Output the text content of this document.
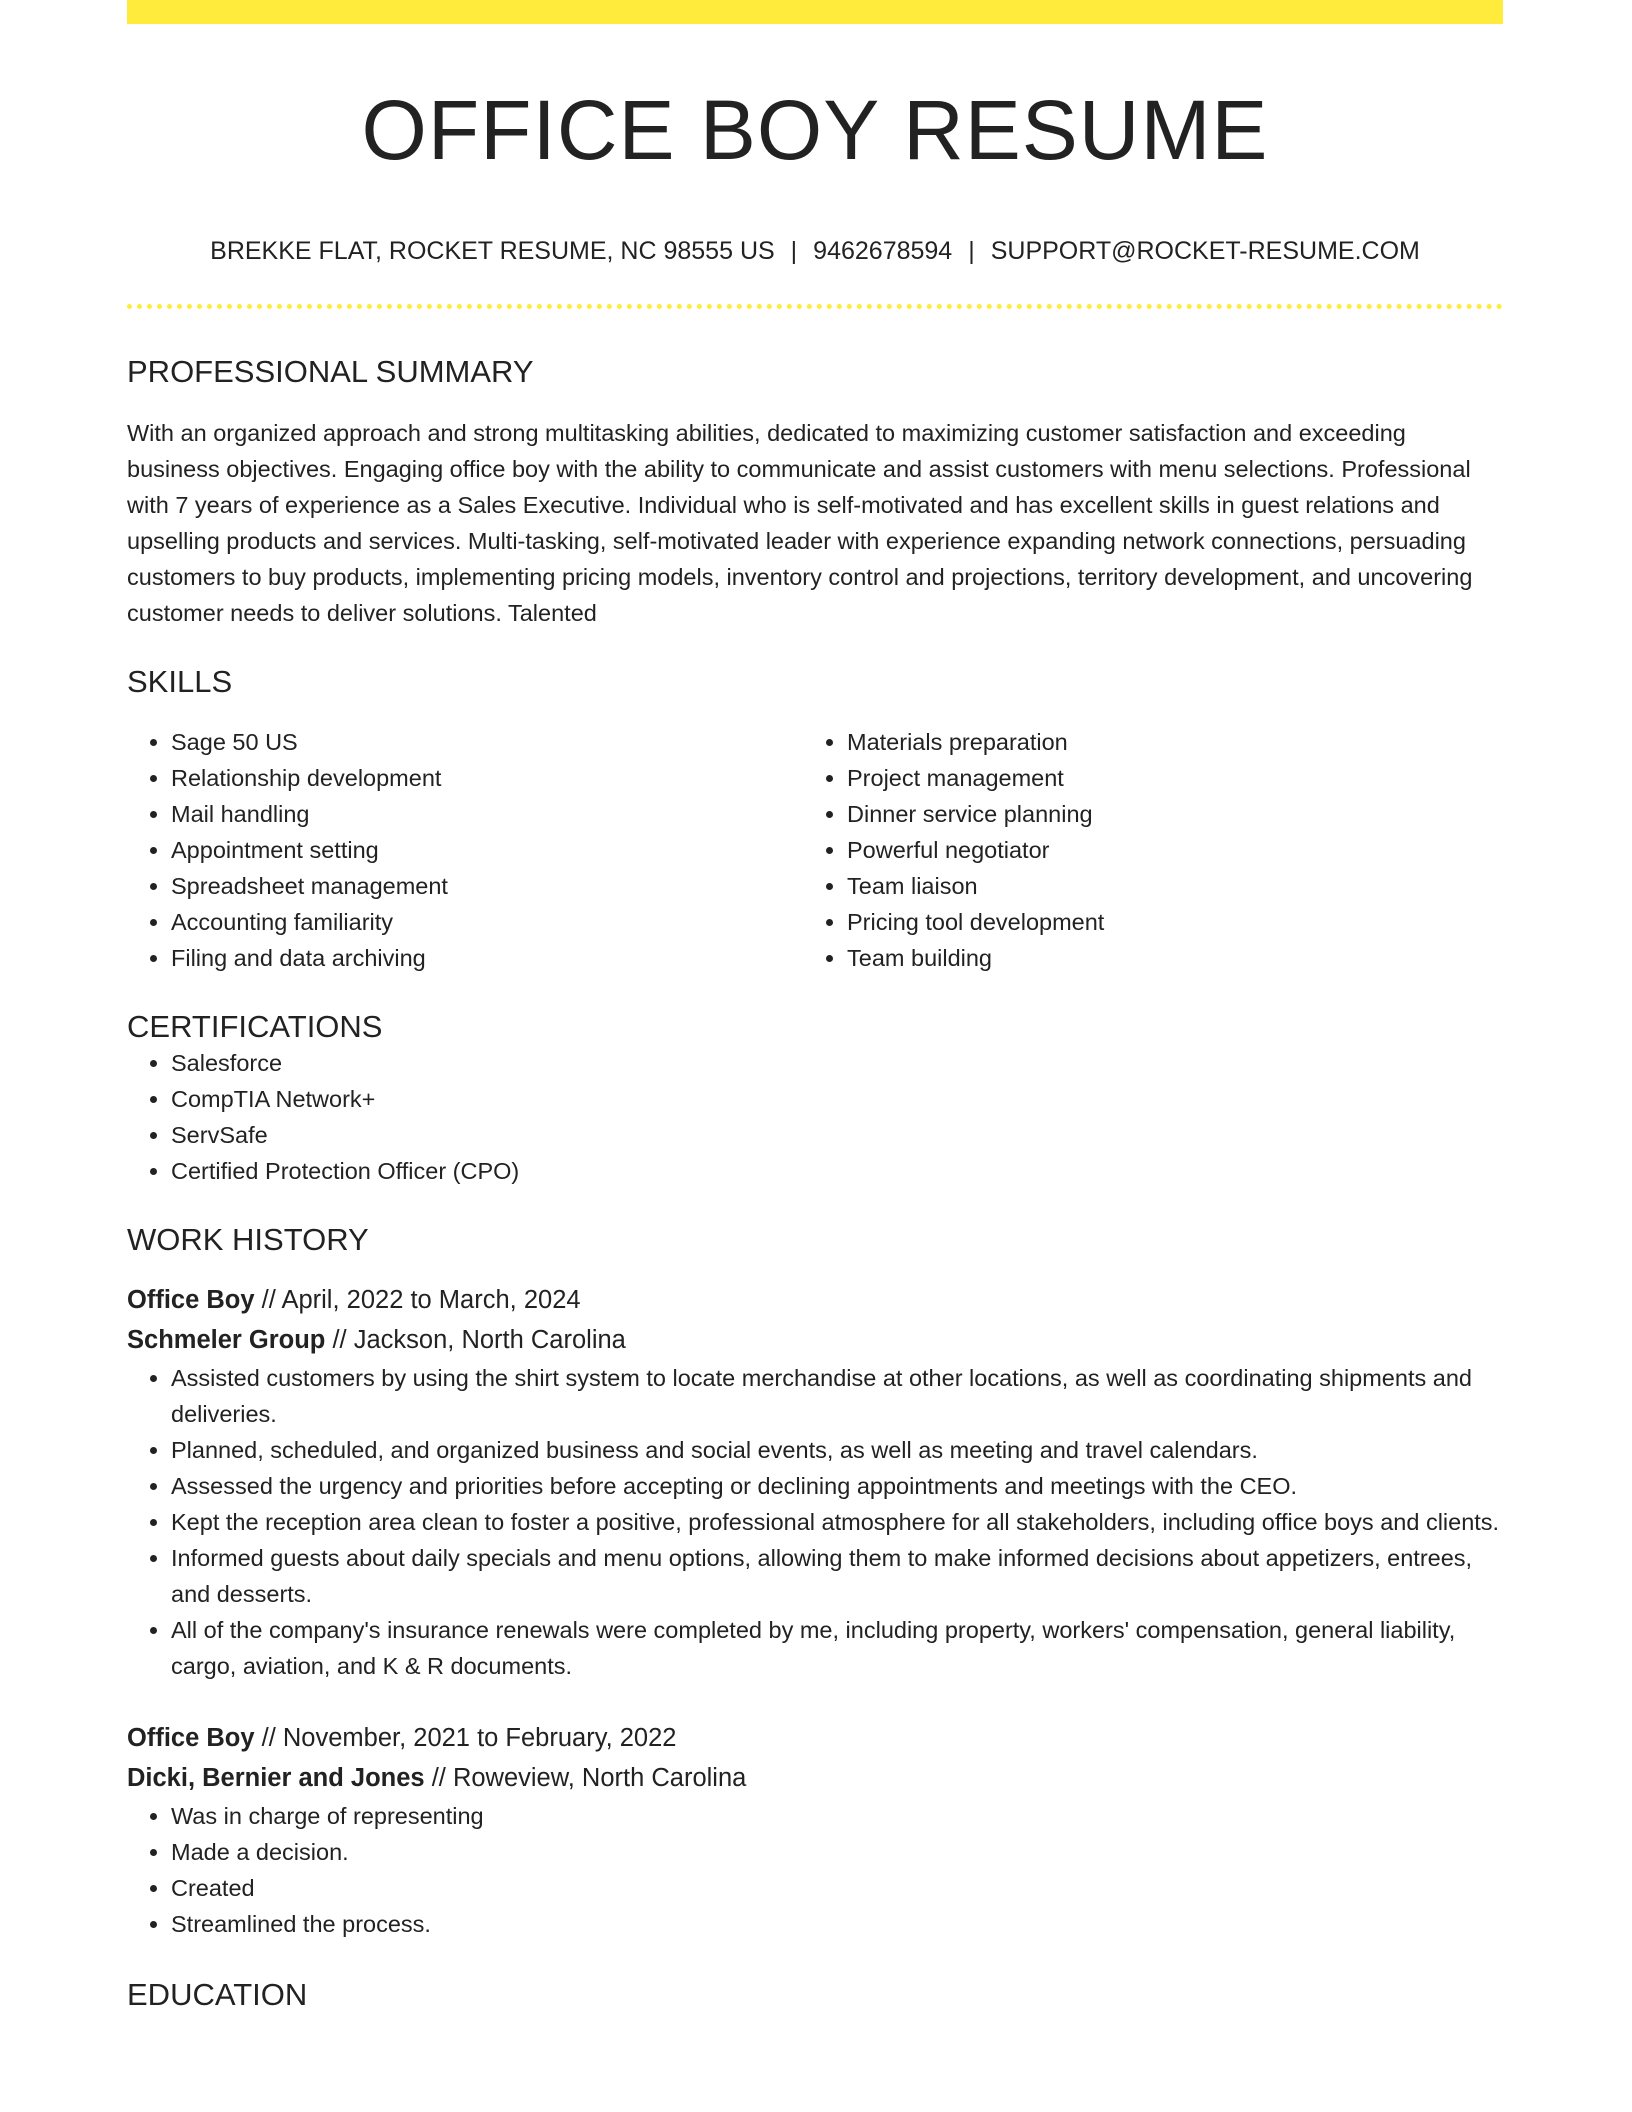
OFFICE BOY RESUME
BREKKE FLAT, ROCKET RESUME, NC 98555 US | 9462678594 | SUPPORT@ROCKET-RESUME.COM
PROFESSIONAL SUMMARY

With an organized approach and strong multitasking abilities, dedicated to maximizing customer satisfaction and exceeding business objectives. Engaging office boy with the ability to communicate and assist customers with menu selections. Professional with 7 years of experience as a Sales Executive. Individual who is self-motivated and has excellent skills in guest relations and upselling products and services. Multi-tasking, self-motivated leader with experience expanding network connections, persuading customers to buy products, implementing pricing models, inventory control and projections, territory development, and uncovering customer needs to deliver solutions. Talented

SKILLS
• Sage 50 US
• Relationship development
• Mail handling
• Appointment setting
• Spreadsheet management
• Accounting familiarity
• Filing and data archiving
• Materials preparation
• Project management
• Dinner service planning
• Powerful negotiator
• Team liaison
• Pricing tool development
• Team building
CERTIFICATIONS
• Salesforce
• CompTIA Network+
• ServSafe
• Certified Protection Officer (CPO)
WORK HISTORY
Office Boy // April, 2022 to March, 2024
Schmeler Group // Jackson, North Carolina
• Assisted customers by using the shirt system to locate merchandise at other locations, as well as coordinating shipments and deliveries.
• Planned, scheduled, and organized business and social events, as well as meeting and travel calendars.
• Assessed the urgency and priorities before accepting or declining appointments and meetings with the CEO.
• Kept the reception area clean to foster a positive, professional atmosphere for all stakeholders, including office boys and clients.
• Informed guests about daily specials and menu options, allowing them to make informed decisions about appetizers, entrees, and desserts.
• All of the company's insurance renewals were completed by me, including property, workers' compensation, general liability, cargo, aviation, and K & R documents.
Office Boy // November, 2021 to February, 2022
Dicki, Bernier and Jones // Roweview, North Carolina
• Was in charge of representing
• Made a decision.
• Created
• Streamlined the process.
EDUCATION
